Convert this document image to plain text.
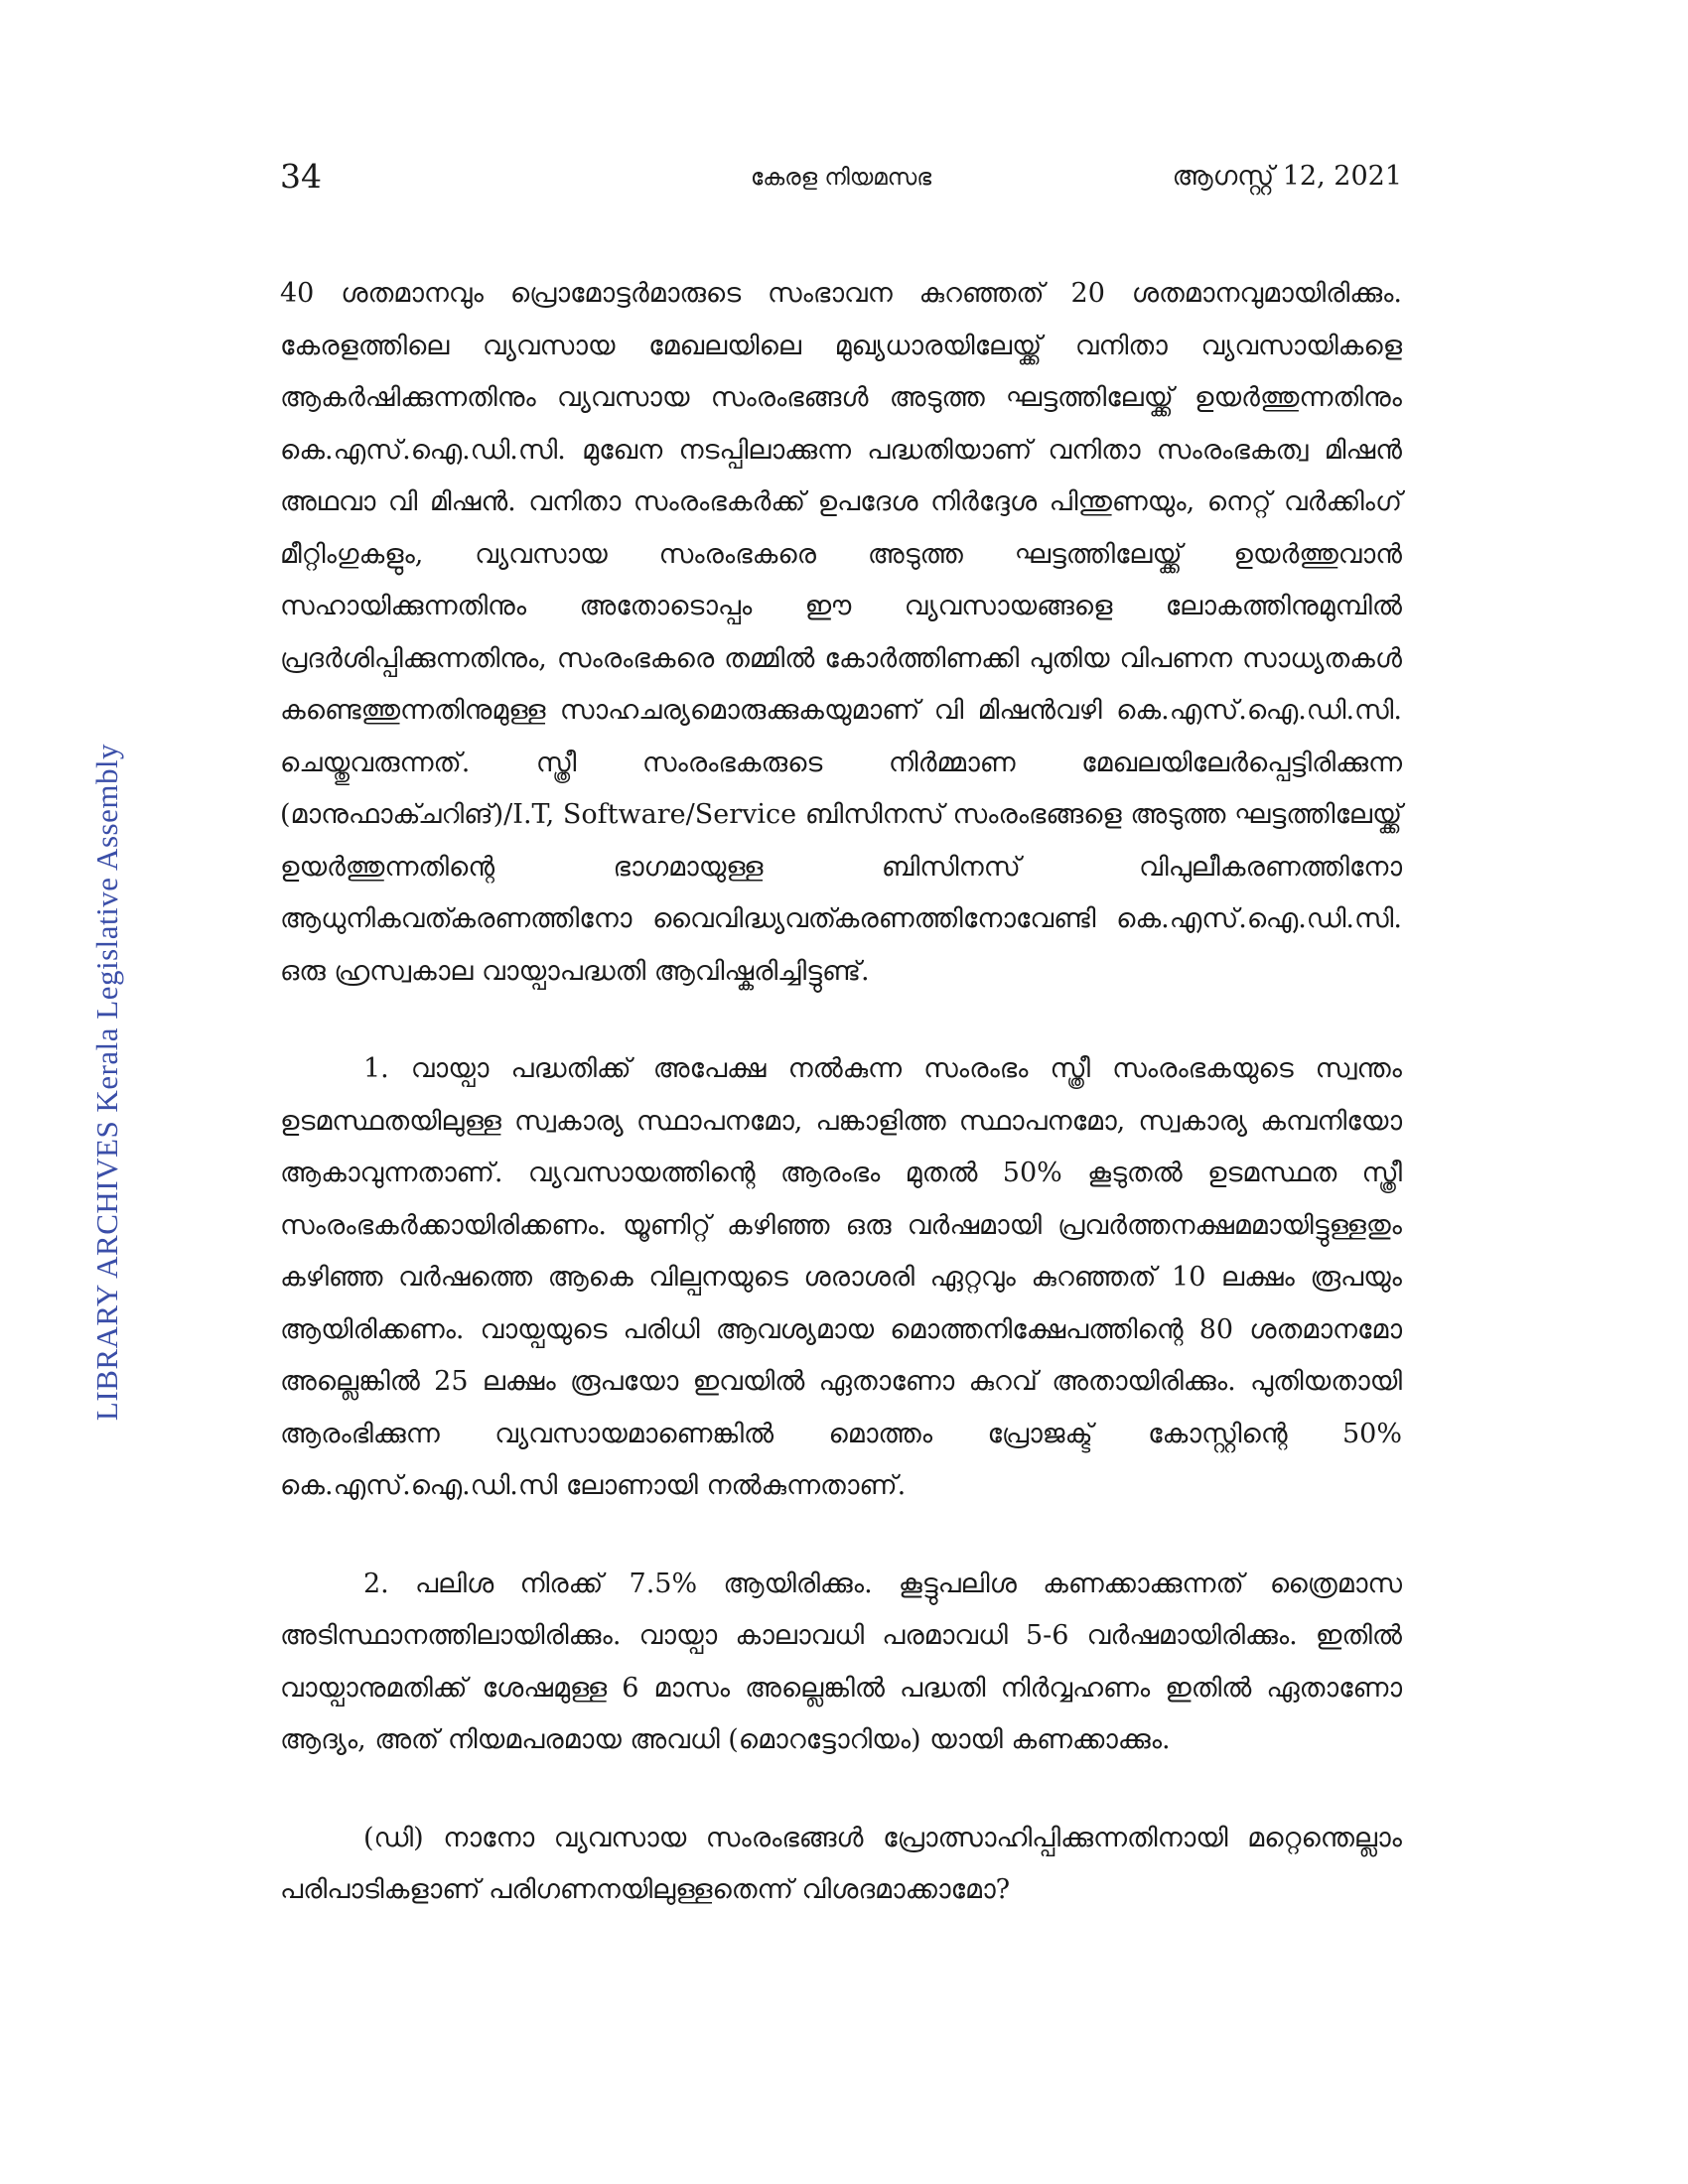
34	കേരള നിയമസഭ	ആഗസ്റ്റ് 12, 2021
LIBRARY ARCHIVES Kerala Legislative Assembly

40 ശതമാനവും പ്രൊമോട്ടർമാരുടെ സംഭാവന കുറഞ്ഞത് 20 ശതമാനവുമായിരിക്കും. കേരളത്തിലെ വ്യവസായ മേഖലയിലെ മുഖ്യധാരയിലേയ്ക്ക് വനിതാ വ്യവസായികളെ ആകർഷിക്കുന്നതിനും വ്യവസായ സംരംഭങ്ങൾ അടുത്ത ഘട്ടത്തിലേയ്ക്ക് ഉയർത്തുന്നതിനും കെ.എസ്.ഐ.ഡി.സി. മുഖേന നടപ്പിലാക്കുന്ന പദ്ധതിയാണ് വനിതാ സംരംഭകത്വ മിഷൻ അഥവാ വി മിഷൻ. വനിതാ സംരംഭകർക്ക് ഉപദേശ നിർദ്ദേശ പിന്തുണയും, നെറ്റ് വർക്കിംഗ് മീറ്റിംഗുകളും, വ്യവസായ സംരംഭകരെ അടുത്ത ഘട്ടത്തിലേയ്ക്ക് ഉയർത്തുവാൻ സഹായിക്കുന്നതിനും അതോടൊപ്പം ഈ വ്യവസായങ്ങളെ ലോകത്തിനുമുമ്പിൽ പ്രദർശിപ്പിക്കുന്നതിനും, സംരംഭകരെ തമ്മിൽ കോർത്തിണക്കി പുതിയ വിപണന സാധ്യതകൾ കണ്ടെത്തുന്നതിനുമുള്ള സാഹചര്യമൊരുക്കുകയുമാണ് വി മിഷൻവഴി കെ.എസ്.ഐ.ഡി.സി. ചെയ്തുവരുന്നത്. സ്ത്രീ സംരംഭകരുടെ നിർമ്മാണ മേഖലയിലേർപ്പെട്ടിരിക്കുന്ന (മാനുഫാക്ചറിങ്)/I.T, Software/Service ബിസിനസ് സംരംഭങ്ങളെ അടുത്ത ഘട്ടത്തിലേയ്ക്ക് ഉയർത്തുന്നതിന്റെ ഭാഗമായുള്ള ബിസിനസ് വിപുലീകരണത്തിനോ ആധുനികവത്കരണത്തിനോ വൈവിദ്ധ്യവത്കരണത്തിനോവേണ്ടി കെ.എസ്.ഐ.ഡി.സി. ഒരു ഹ്രസ്വകാല വായ്പാപദ്ധതി ആവിഷ്കരിച്ചിട്ടുണ്ട്.

1. വായ്പാ പദ്ധതിക്ക് അപേക്ഷ നൽകുന്ന സംരംഭം സ്ത്രീ സംരംഭകയുടെ സ്വന്തം ഉടമസ്ഥതയിലുള്ള സ്വകാര്യ സ്ഥാപനമോ, പങ്കാളിത്ത സ്ഥാപനമോ, സ്വകാര്യ കമ്പനിയോ ആകാവുന്നതാണ്. വ്യവസായത്തിന്റെ ആരംഭം മുതൽ 50% കൂടുതൽ ഉടമസ്ഥത സ്ത്രീ സംരംഭകർക്കായിരിക്കണം. യൂണിറ്റ് കഴിഞ്ഞ ഒരു വർഷമായി പ്രവർത്തനക്ഷമമായിട്ടുള്ളതും കഴിഞ്ഞ വർഷത്തെ ആകെ വില്പനയുടെ ശരാശരി ഏറ്റവും കുറഞ്ഞത് 10 ലക്ഷം രൂപയും ആയിരിക്കണം. വായ്പയുടെ പരിധി ആവശ്യമായ മൊത്തനിക്ഷേപത്തിന്റെ 80 ശതമാനമോ അല്ലെങ്കിൽ 25 ലക്ഷം രൂപയോ ഇവയിൽ ഏതാണോ കുറവ് അതായിരിക്കും. പുതിയതായി ആരംഭിക്കുന്ന വ്യവസായമാണെങ്കിൽ മൊത്തം പ്രോജക്ട് കോസ്റ്റിന്റെ 50% കെ.എസ്.ഐ.ഡി.സി ലോണായി നൽകുന്നതാണ്.

2. പലിശ നിരക്ക് 7.5% ആയിരിക്കും. കൂട്ടുപലിശ കണക്കാക്കുന്നത് ത്രൈമാസ അടിസ്ഥാനത്തിലായിരിക്കും. വായ്പാ കാലാവധി പരമാവധി 5-6 വർഷമായിരിക്കും. ഇതിൽ വായ്പാനുമതിക്ക് ശേഷമുള്ള 6 മാസം അല്ലെങ്കിൽ പദ്ധതി നിർവ്വഹണം ഇതിൽ ഏതാണോ ആദ്യം, അത് നിയമപരമായ അവധി (മൊറട്ടോറിയം) യായി കണക്കാക്കും.

(ഡി) നാനോ വ്യവസായ സംരംഭങ്ങൾ പ്രോത്സാഹിപ്പിക്കുന്നതിനായി മറ്റെന്തെല്ലാം പരിപാടികളാണ് പരിഗണനയിലുള്ളതെന്ന് വിശദമാക്കാമോ?
